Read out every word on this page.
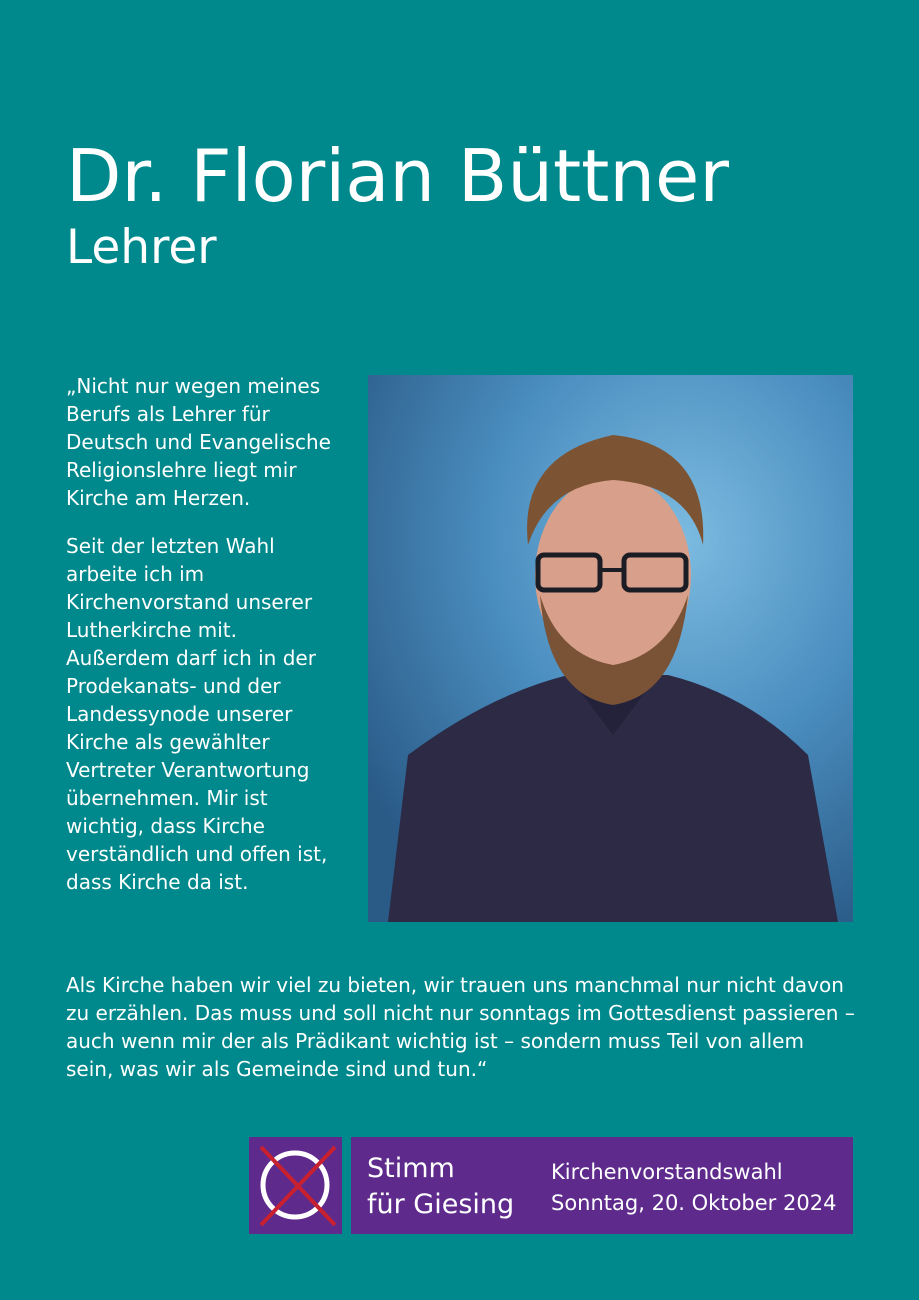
Dr. Florian Büttner
Lehrer

„Nicht nur wegen meines Berufs als Lehrer für Deutsch und Evangelische Religionslehre liegt mir Kirche am Herzen.

Seit der letzten Wahl arbeite ich im Kirchenvorstand unserer Lutherkirche mit. Außerdem darf ich in der Prodekanats- und der Landessynode unserer Kirche als gewählter Vertreter Verantwortung übernehmen. Mir ist wichtig, dass Kirche verständlich und offen ist, dass Kirche da ist.

Als Kirche haben wir viel zu bieten, wir trauen uns manchmal nur nicht davon zu erzählen. Das muss und soll nicht nur sonntags im Gottesdienst passieren – auch wenn mir der als Prädikant wichtig ist – sondern muss Teil von allem sein, was wir als Gemeinde sind und tun.“

Stimm
für Giesing
Kirchenvorstandswahl
Sonntag, 20. Oktober 2024
